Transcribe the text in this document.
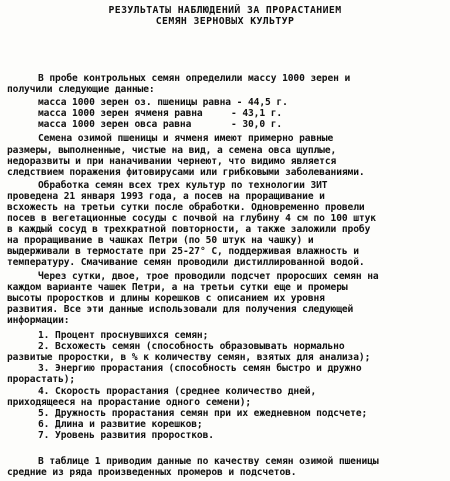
РЕЗУЛЬТАТЫ НАБЛЮДЕНИЙ ЗА ПРОРАСТАНИЕМ
СЕМЯН ЗЕРНОВЫХ КУЛЬТУР
В пробе контрольных семян определили массу 1000 зерен и
получили следующие данные:
масса 1000 зерен оз. пшеницы равна - 44,5 г.
масса 1000 зерен ячменя равна     - 43,1 г.
масса 1000 зерен овса равна       - 30,0 г.
Семена озимой пшеницы и ячменя имеют примерно равные
размеры, выполненные, чистые на вид, а семена овса щуплые,
недоразвиты и при наначивании чернеют, что видимо является
следствием поражения фитовирусами или грибковыми заболеваниями.
Обработка семян всех трех культур по технологии ЗИТ
проведена 21 января 1993 года, а посев на проращивание и
всхожесть на третьи сутки после обработки. Одновременно провели
посев в вегетационные сосуды с почвой на глубину 4 см по 100 штук
в каждый сосуд в трехкратной повторности, а также заложили пробу
на проращивание в чашках Петри (по 50 штук на чашку) и
выдерживали в термостате при 25-27° С, поддерживая влажность и
температуру. Смачивание семян проводили дистиллированной водой.
Через сутки, двое, трое проводили подсчет проросших семян на
каждом варианте чашек Петри, а на третьи сутки еще и промеры
высоты проростков и длины корешков с описанием их уровня
развития. Все эти данные использовали для получения следующей
информации:
1. Процент проснувшихся семян;
2. Всхожесть семян (способность образовывать нормально
развитые проростки, в % к количеству семян, взятых для анализа);
3. Энергию прорастания (способность семян быстро и дружно
прорастать);
4. Скорость прорастания (среднее количество дней,
приходящееся на прорастание одного семени);
5. Дружность прорастания семян при их ежедневном подсчете;
6. Длина и развитие корешков;
7. Уровень развития проростков.
В таблице 1 приводим данные по качеству семян озимой пшеницы
средние из ряда произведенных промеров и подсчетов.
